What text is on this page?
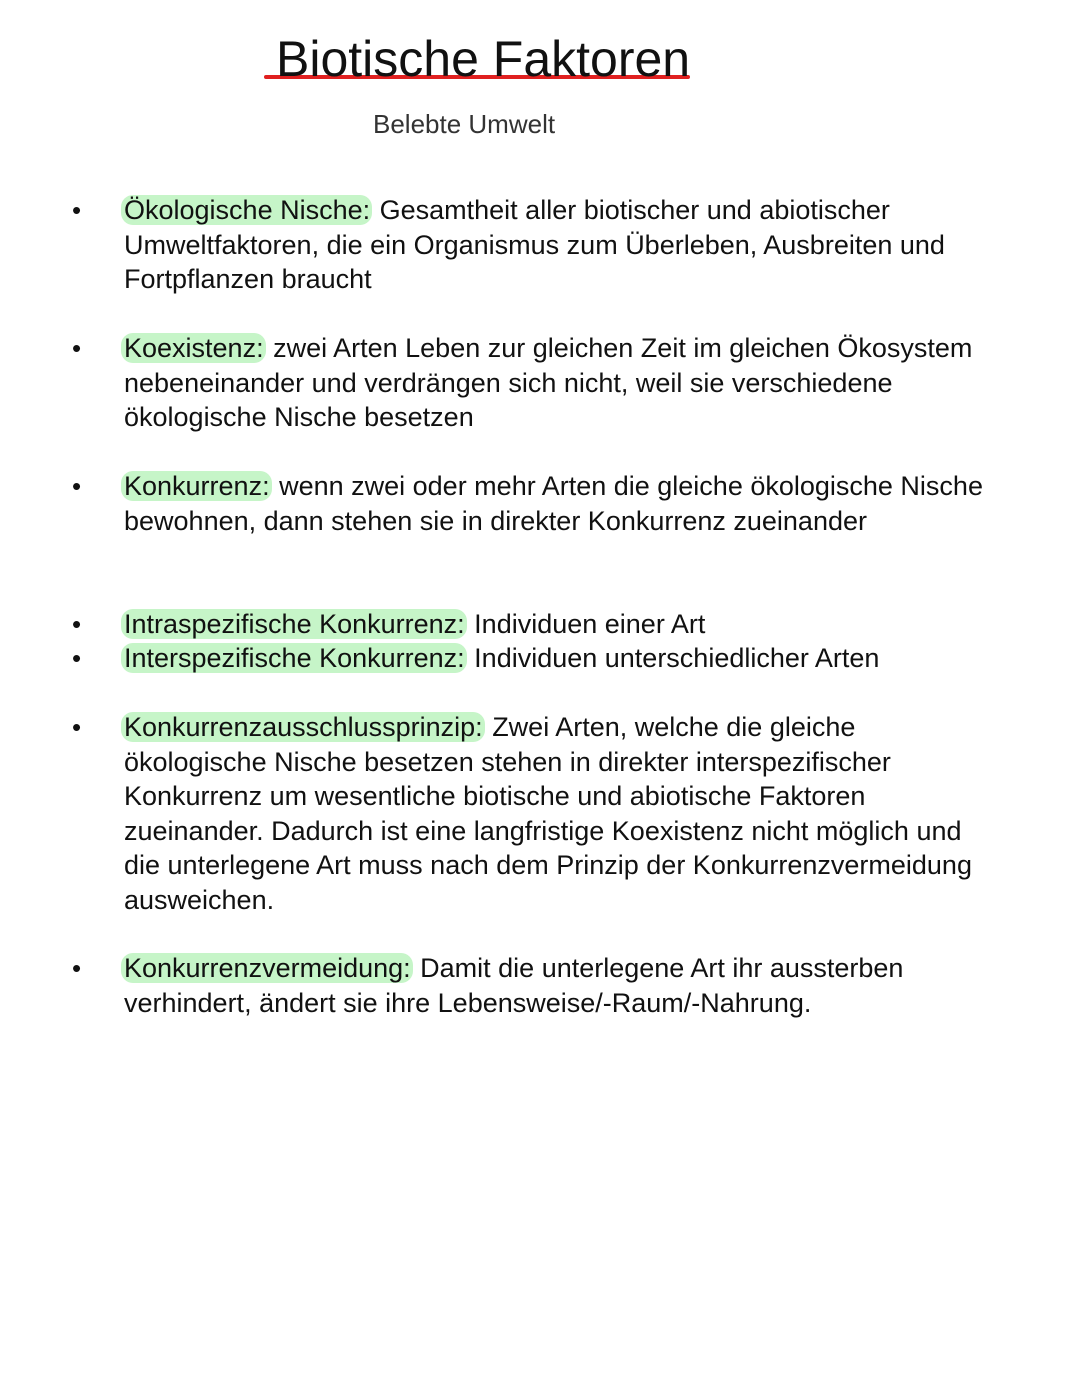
Biotische Faktoren
Belebte Umwelt
• Ökologische Nische: Gesamtheit aller biotischer und abiotischer Umweltfaktoren, die ein Organismus zum Überleben, Ausbreiten und Fortpflanzen braucht
• Koexistenz: zwei Arten Leben zur gleichen Zeit im gleichen Ökosystem nebeneinander und verdrängen sich nicht, weil sie verschiedene ökologische Nische besetzen
• Konkurrenz: wenn zwei oder mehr Arten die gleiche ökologische Nische bewohnen, dann stehen sie in direkter Konkurrenz zueinander
• Intraspezifische Konkurrenz: Individuen einer Art
• Interspezifische Konkurrenz: Individuen unterschiedlicher Arten
• Konkurrenzausschlussprinzip: Zwei Arten, welche die gleiche ökologische Nische besetzen stehen in direkter interspezifischer Konkurrenz um wesentliche biotische und abiotische Faktoren zueinander. Dadurch ist eine langfristige Koexistenz nicht möglich und die unterlegene Art muss nach dem Prinzip der Konkurrenzvermeidung ausweichen.
• Konkurrenzvermeidung: Damit die unterlegene Art ihr aussterben verhindert, ändert sie ihre Lebensweise/-Raum/-Nahrung.
